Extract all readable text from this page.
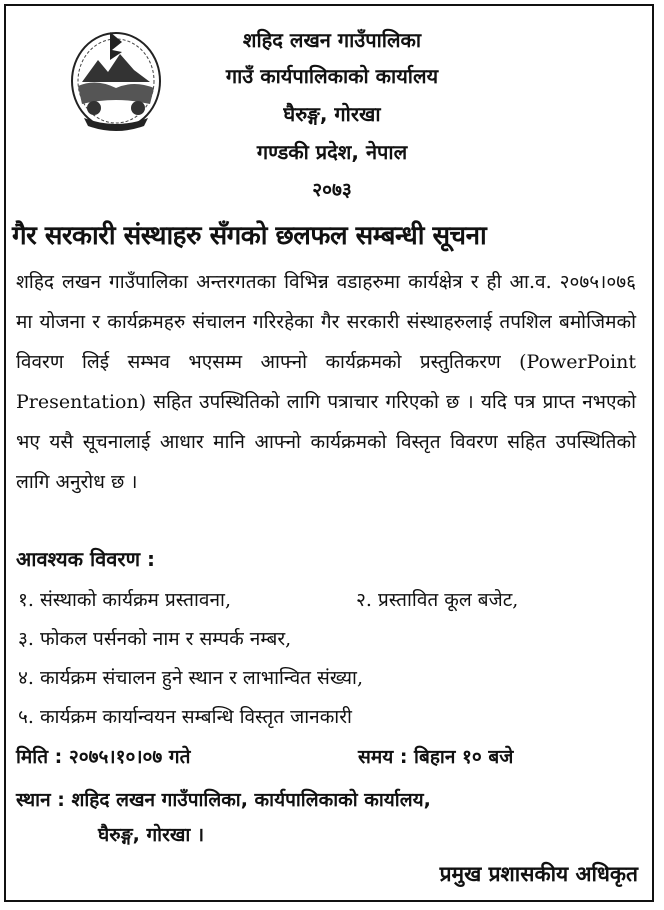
शहिद लखन गाउँपालिका

गाउँ कार्यपालिकाको कार्यालय

घैरुङ्ग, गोरखा

गण्डकी प्रदेश, नेपाल

२०७३

गैर सरकारी संस्थाहरु सँगको छलफल सम्बन्धी सूचना

शहिद लखन गाउँपालिका अन्तरगतका विभिन्न वडाहरुमा कार्यक्षेत्र र ही आ.व. २०७५।०७६ मा योजना र कार्यक्रमहरु संचालन गरिरहेका गैर सरकारी संस्थाहरुलाई तपशिल बमोजिमको विवरण लिई सम्भव भएसम्म आफ्नो कार्यक्रमको प्रस्तुतिकरण (PowerPoint Presentation) सहित उपस्थितिको लागि पत्राचार गरिएको छ । यदि पत्र प्राप्त नभएको भए यसै सूचनालाई आधार मानि आफ्नो कार्यक्रमको विस्तृत विवरण सहित उपस्थितिको लागि अनुरोध छ ।

आवश्यक विवरण :
१. संस्थाको कार्यक्रम प्रस्तावना,	२. प्रस्तावित कूल बजेट,
३. फोकल पर्सनको नाम र सम्पर्क नम्बर,
४. कार्यक्रम संचालन हुने स्थान र लाभान्वित संख्या,
५. कार्यक्रम कार्यान्वयन सम्बन्धि विस्तृत जानकारी
मिति : २०७५।१०।०७ गते	समय : बिहान १० बजे
स्थान : शहिद लखन गाउँपालिका, कार्यपालिकाको कार्यालय,
घैरुङ्ग, गोरखा ।
प्रमुख प्रशासकीय अधिकृत
